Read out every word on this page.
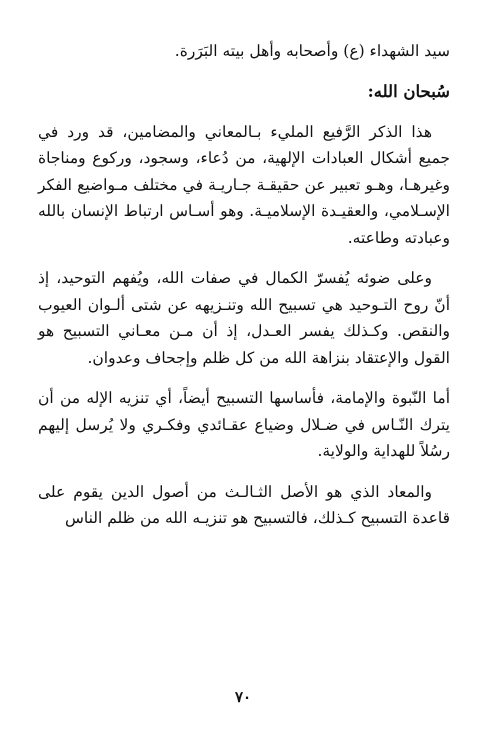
سيد الشهداء (ع) وأصحابه وأهل بيته البَرَرة.

سُبحان الله:

هذا الذكر الرَّفيع المليء بـالمعاني والمضامين، قد ورد في جميع أشكال العبادات الإلهية، من دُعاء، وسجود، وركوع ومناجاة وغيرهـا، وهـو تعبير عن حقيقـة جـاريـة في مختلف مـواضيع الفكر الإسـلامي، والعقيـدة الإسلاميـة. وهو أسـاس ارتباط الإنسان بالله وعبادته وطاعته.

وعلى ضوئه يُفسرّ الكمال في صفات الله، ويُفهم التوحيد، إذ أنّ روح التـوحيد هي تسبيح الله وتنـزيهه عن شتى ألـوان العيوب والنقص. وكـذلك يفسر العـدل، إذ أن مـن معـاني التسبيح هو القول والإعتقاد بنزاهة الله من كل ظلم وإجحاف وعدوان.

أما النّبوة والإمامة، فأساسها التسبيح أيضاً، أي تنزيه الإله من أن يترك النّـاس في ضـلال وضياع عقـائدي وفكـري ولا يُرسل إليهم رسُلاً للهداية والولاية.

والمعاد الذي هو الأصل الثـالـث من أصول الدين يقوم على قاعدة التسبيح كـذلك، فالتسبيح هو تنزيـه الله من ظلم الناس

٧٠
